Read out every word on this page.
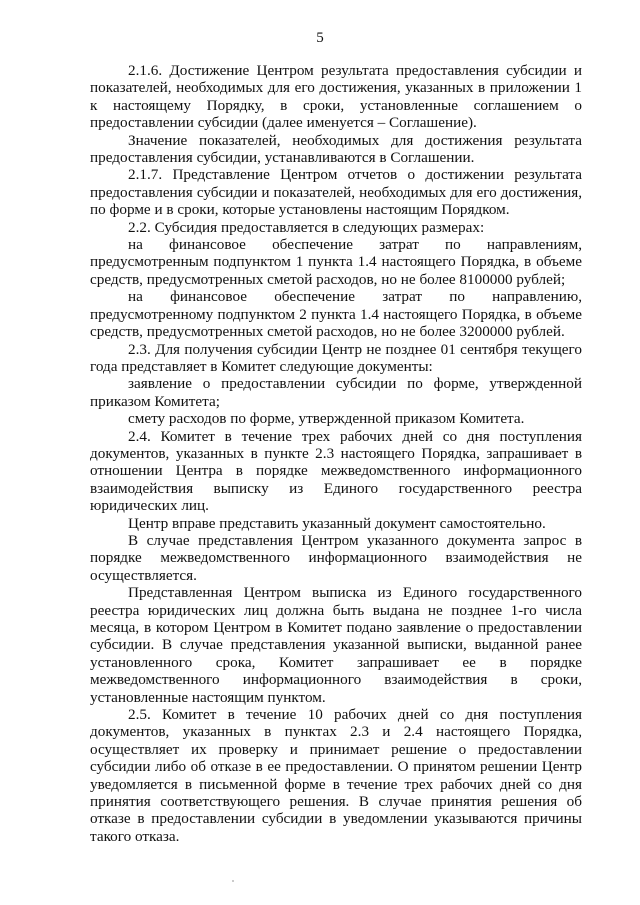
5

2.1.6. Достижение Центром результата предоставления субсидии и показателей, необходимых для его достижения, указанных в приложении 1 к настоящему Порядку, в сроки, установленные соглашением о предоставлении субсидии (далее именуется – Соглашение).

Значение показателей, необходимых для достижения результата предоставления субсидии, устанавливаются в Соглашении.

2.1.7. Представление Центром отчетов о достижении результата предоставления субсидии и показателей, необходимых для его достижения, по форме и в сроки, которые установлены настоящим Порядком.

2.2. Субсидия предоставляется в следующих размерах:

на финансовое обеспечение затрат по направлениям, предусмотренным подпунктом 1 пункта 1.4 настоящего Порядка, в объеме средств, предусмотренных сметой расходов, но не более 8100000 рублей;

на финансовое обеспечение затрат по направлению, предусмотренному подпунктом 2 пункта 1.4 настоящего Порядка, в объеме средств, предусмотренных сметой расходов, но не более 3200000 рублей.

2.3. Для получения субсидии Центр не позднее 01 сентября текущего года представляет в Комитет следующие документы:

заявление о предоставлении субсидии по форме, утвержденной приказом Комитета;

смету расходов по форме, утвержденной приказом Комитета.

2.4. Комитет в течение трех рабочих дней со дня поступления документов, указанных в пункте 2.3 настоящего Порядка, запрашивает в отношении Центра в порядке межведомственного информационного взаимодействия выписку из Единого государственного реестра юридических лиц.

Центр вправе представить указанный документ самостоятельно.

В случае представления Центром указанного документа запрос в порядке межведомственного информационного взаимодействия не осуществляется.

Представленная Центром выписка из Единого государственного реестра юридических лиц должна быть выдана не позднее 1-го числа месяца, в котором Центром в Комитет подано заявление о предоставлении субсидии. В случае представления указанной выписки, выданной ранее установленного срока, Комитет запрашивает ее в порядке межведомственного информационного взаимодействия в сроки, установленные настоящим пунктом.

2.5. Комитет в течение 10 рабочих дней со дня поступления документов, указанных в пунктах 2.3 и 2.4 настоящего Порядка, осуществляет их проверку и принимает решение о предоставлении субсидии либо об отказе в ее предоставлении. О принятом решении Центр уведомляется в письменной форме в течение трех рабочих дней со дня принятия соответствующего решения. В случае принятия решения об отказе в предоставлении субсидии в уведомлении указываются причины такого отказа.
